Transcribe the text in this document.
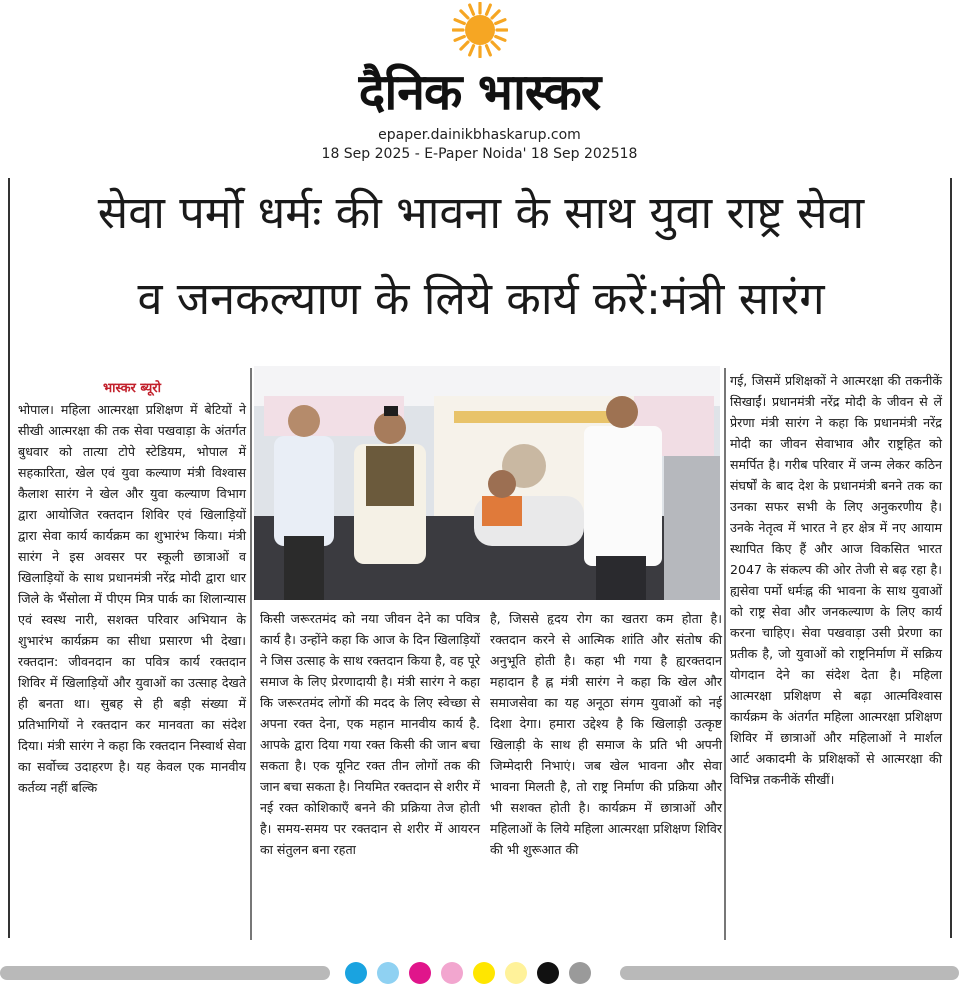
दैनिक भास्कर
epaper.dainikbhaskarup.com
18 Sep 2025 - E-Paper Noida' 18 Sep 202518
सेवा पर्मो धर्मः की भावना के साथ युवा राष्ट्र सेवा
व जनकल्याण के लिये कार्य करें:मंत्री सारंग
भास्कर ब्यूरो
भोपाल। महिला आत्मरक्षा प्रशिक्षण में बेटियों ने सीखी आत्मरक्षा की तक सेवा पखवाड़ा के अंतर्गत बुधवार को तात्या टोपे स्टेडियम, भोपाल में सहकारिता, खेल एवं युवा कल्याण मंत्री विश्वास कैलाश सारंग ने खेल और युवा कल्याण विभाग द्वारा आयोजित रक्तदान शिविर एवं खिलाड़ियों द्वारा सेवा कार्य कार्यक्रम का शुभारंभ किया। मंत्री सारंग ने इस अवसर पर स्कूली छात्राओं व खिलाड़ियों के साथ प्रधानमंत्री नरेंद्र मोदी द्वारा धार जिले के भैंसोला में पीएम मित्र पार्क का शिलान्यास एवं स्वस्थ नारी, सशक्त परिवार अभियान के शुभारंभ कार्यक्रम का सीधा प्रसारण भी देखा। रक्तदान: जीवनदान का पवित्र कार्य रक्तदान शिविर में खिलाड़ियों और युवाओं का उत्साह देखते ही बनता था। सुबह से ही बड़ी संख्या में प्रतिभागियों ने रक्तदान कर मानवता का संदेश दिया। मंत्री सारंग ने कहा कि रक्तदान निस्वार्थ सेवा का सर्वोच्च उदाहरण है। यह केवल एक मानवीय कर्तव्य नहीं बल्कि
किसी जरूरतमंद को नया जीवन देने का पवित्र कार्य है। उन्होंने कहा कि आज के दिन खिलाड़ियों ने जिस उत्साह के साथ रक्तदान किया है, वह पूरे समाज के लिए प्रेरणादायी है। मंत्री सारंग ने कहा कि जरूरतमंद लोगों की मदद के लिए स्वेच्छा से अपना रक्त देना, एक महान मानवीय कार्य है. आपके द्वारा दिया गया रक्त किसी की जान बचा सकता है। एक यूनिट रक्त तीन लोगों तक की जान बचा सकता है। नियमित रक्तदान से शरीर में नई रक्त कोशिकाएँ बनने की प्रक्रिया तेज होती है। समय-समय पर रक्तदान से शरीर में आयरन का संतुलन बना रहता
है, जिससे हृदय रोग का खतरा कम होता है। रक्तदान करने से आत्मिक शांति और संतोष की अनुभूति होती है। कहा भी गया है ह्यरक्तदान महादान है ह्न मंत्री सारंग ने कहा कि खेल और समाजसेवा का यह अनूठा संगम युवाओं को नई दिशा देगा। हमारा उद्देश्य है कि खिलाड़ी उत्कृष्ट खिलाड़ी के साथ ही समाज के प्रति भी अपनी जिम्मेदारी निभाएं। जब खेल भावना और सेवा भावना मिलती है, तो राष्ट्र निर्माण की प्रक्रिया और भी सशक्त होती है। कार्यक्रम में छात्राओं और महिलाओं के लिये महिला आत्मरक्षा प्रशिक्षण शिविर की भी शुरूआत की
गई, जिसमें प्रशिक्षकों ने आत्मरक्षा की तकनीकें सिखाईं। प्रधानमंत्री नरेंद्र मोदी के जीवन से लें प्रेरणा मंत्री सारंग ने कहा कि प्रधानमंत्री नरेंद्र मोदी का जीवन सेवाभाव और राष्ट्रहित को समर्पित है। गरीब परिवार में जन्म लेकर कठिन संघर्षों के बाद देश के प्रधानमंत्री बनने तक का उनका सफर सभी के लिए अनुकरणीय है। उनके नेतृत्व में भारत ने हर क्षेत्र में नए आयाम स्थापित किए हैं और आज विकसित भारत 2047 के संकल्प की ओर तेजी से बढ़ रहा है। ह्यसेवा पर्मो धर्मःह्न की भावना के साथ युवाओं को राष्ट्र सेवा और जनकल्याण के लिए कार्य करना चाहिए। सेवा पखवाड़ा उसी प्रेरणा का प्रतीक है, जो युवाओं को राष्ट्रनिर्माण में सक्रिय योगदान देने का संदेश देता है। महिला आत्मरक्षा प्रशिक्षण से बढ़ा आत्मविश्वास कार्यक्रम के अंतर्गत महिला आत्मरक्षा प्रशिक्षण शिविर में छात्राओं और महिलाओं ने मार्शल आर्ट अकादमी के प्रशिक्षकों से आत्मरक्षा की विभिन्न तकनीकें सीखीं।
